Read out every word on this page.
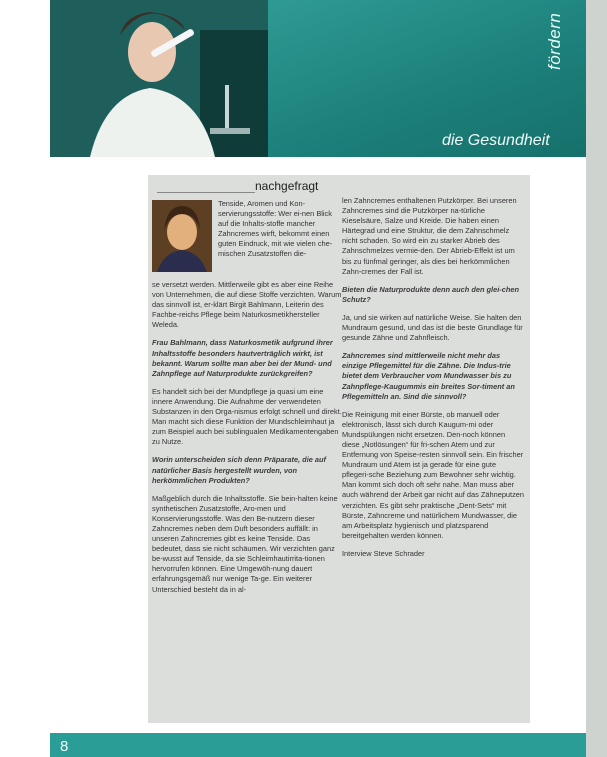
fördern
die Gesundheit
nachgefragt

Tenside, Aromen und Kon-servierungsstoffe: Wer ei-nen Blick auf die Inhalts-stoffe mancher Zahncremes wirft, bekommt einen guten Eindruck, mit wie vielen che-mischen Zusatzstoffen die-

se versetzt werden. Mittlerweile gibt es aber eine Reihe von Unternehmen, die auf diese Stoffe verzichten. Warum das sinnvoll ist, er-klärt Birgit Bahlmann, Leiterin des Fachbe-reichs Pflege beim Naturkosmetikhersteller Weleda.

Frau Bahlmann, dass Naturkosmetik aufgrund ihrer Inhaltsstoffe besonders hautverträglich wirkt, ist bekannt. Warum sollte man aber bei der Mund- und Zahnpflege auf Naturprodukte zurückgreifen?

Es handelt sich bei der Mundpflege ja quasi um eine innere Anwendung. Die Aufnahme der verwendeten Substanzen in den Orga-nismus erfolgt schnell und direkt. Man macht sich diese Funktion der Mundschleimhaut ja zum Beispiel auch bei sublingualen Medikamentengaben zu Nutze.

Worin unterscheiden sich denn Präparate, die auf natürlicher Basis hergestellt wurden, von herkömmlichen Produkten?

Maßgeblich durch die Inhaltsstoffe. Sie bein-halten keine synthetischen Zusatzstoffe, Aro-men und Konservierungsstoffe. Was den Be-nutzern dieser Zahncremes neben dem Duft besonders auffällt: in unseren Zahncremes gibt es keine Tenside. Das bedeutet, dass sie nicht schäumen. Wir verzichten ganz be-wusst auf Tenside, da sie Schleimhautirrita-tionen hervorrufen können. Eine Umgewöh-nung dauert erfahrungsgemäß nur wenige Ta-ge. Ein weiterer Unterschied besteht da in al-

len Zahncremes enthaltenen Putzkörper. Bei unseren Zahncremes sind die Putzkörper na-türliche Kieselsäure, Salze und Kreide. Die haben einen Härtegrad und eine Struktur, die dem Zahnschmelz nicht schaden. So wird ein zu starker Abrieb des Zahnschmelzes vermie-den. Der Abrieb-Effekt ist um bis zu fünfmal geringer, als dies bei herkömmlichen Zahn-cremes der Fall ist.

Bieten die Naturprodukte denn auch den glei-chen Schutz?

Ja, und sie wirken auf natürliche Weise. Sie halten den Mundraum gesund, und das ist die beste Grundlage für gesunde Zähne und Zahnfleisch.

Zahncremes sind mittlerweile nicht mehr das einzige Pflegemittel für die Zähne. Die Indus-trie bietet dem Verbraucher vom Mundwasser bis zu Zahnpflege-Kaugummis ein breites Sor-timent an Pflegemitteln an. Sind die sinnvoll?

Die Reinigung mit einer Bürste, ob manuell oder elektronisch, lässt sich durch Kaugum-mi oder Mundspülungen nicht ersetzen. Den-noch können diese „Notlösungen“ für fri-schen Atem und zur Entfernung von Speise-resten sinnvoll sein. Ein frischer Mundraum und Atem ist ja gerade für eine gute pflegeri-sche Beziehung zum Bewohner sehr wichtig. Man kommt sich doch oft sehr nahe. Man muss aber auch während der Arbeit gar nicht auf das Zähneputzen verzichten. Es gibt sehr praktische „Dent-Sets“ mit Bürste, Zahncreme und natürlichem Mundwasser, die am Arbeitsplatz hygienisch und platzsparend bereitgehalten werden können.

Interview Steve Schrader

8
